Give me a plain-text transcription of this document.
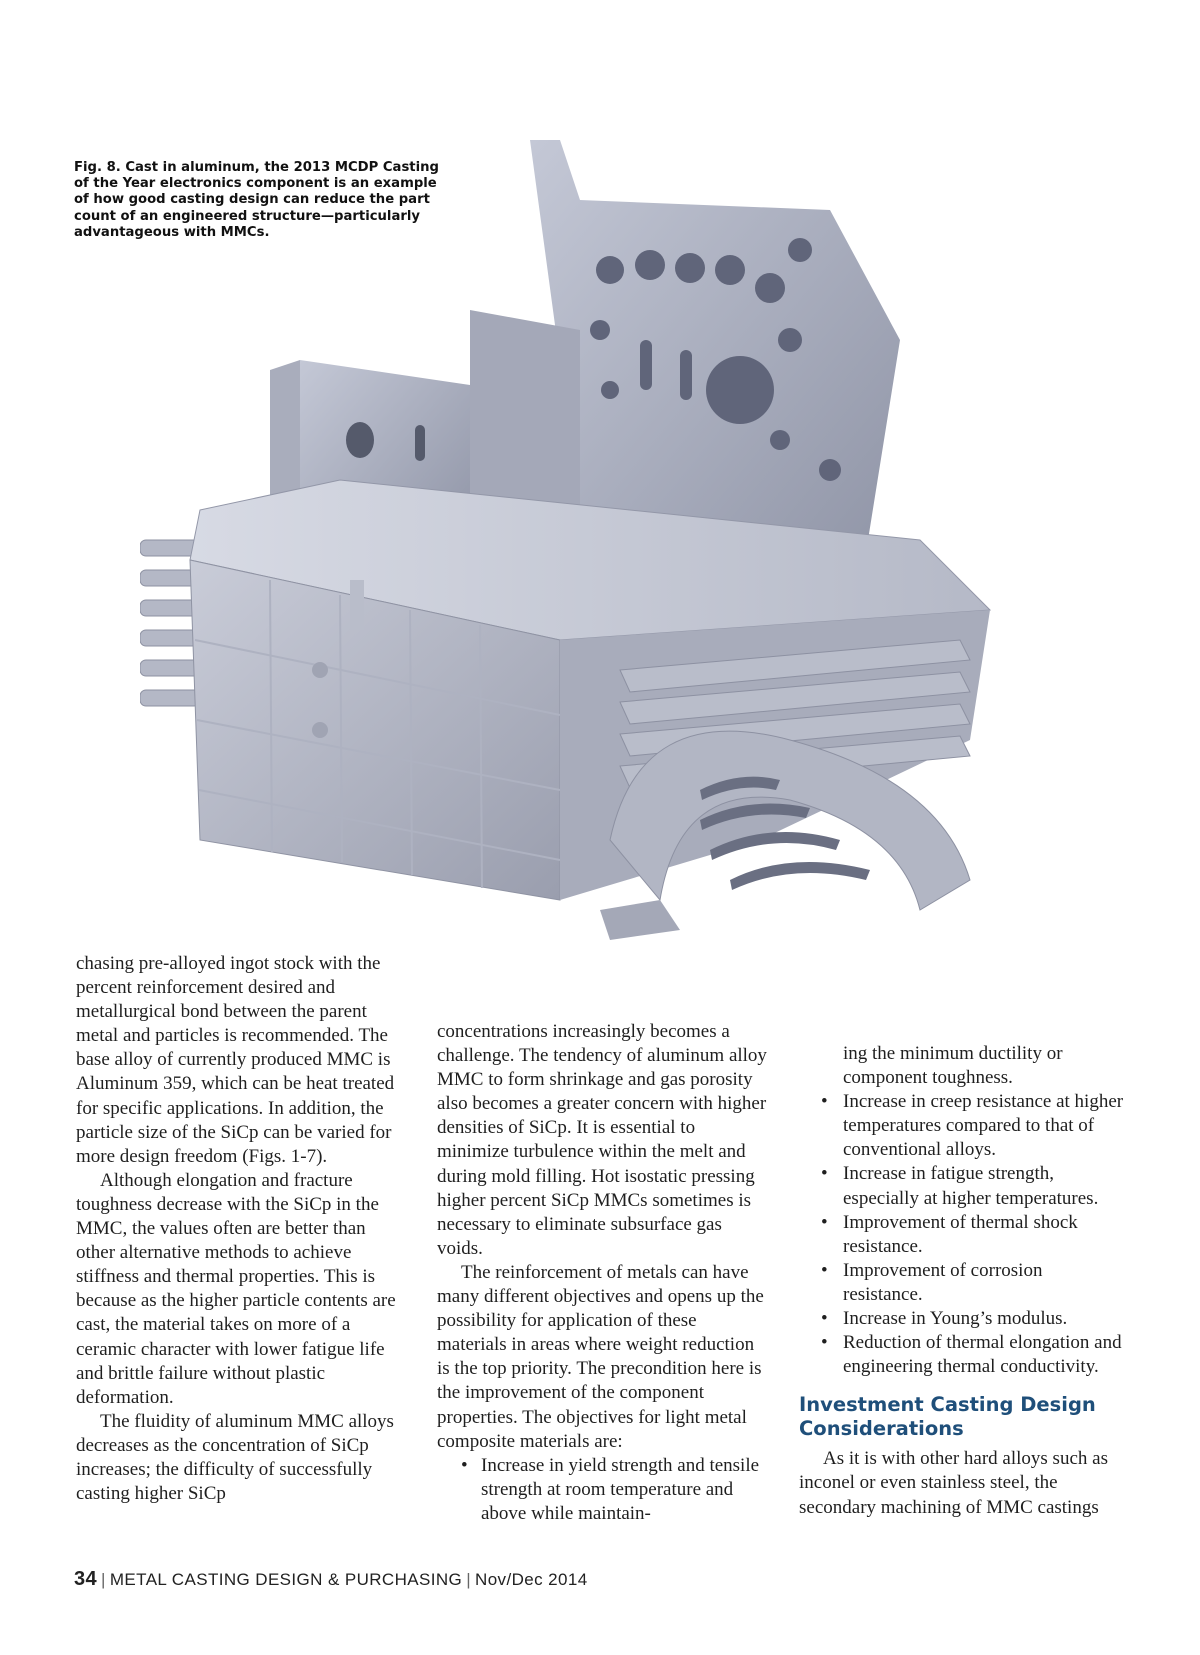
Fig. 8. Cast in aluminum, the 2013 MCDP Casting of the Year electronics component is an example of how good casting design can reduce the part count of an engineered structure—particularly advantageous with MMCs.

chasing pre-alloyed ingot stock with the percent reinforcement desired and metallurgical bond between the parent metal and particles is recommended. The base alloy of currently produced MMC is Aluminum 359, which can be heat treated for specific applications. In addition, the particle size of the SiCp can be varied for more design freedom (Figs. 1-7).

Although elongation and fracture toughness decrease with the SiCp in the MMC, the values often are better than other alternative methods to achieve stiffness and thermal properties. This is because as the higher particle contents are cast, the material takes on more of a ceramic character with lower fatigue life and brittle failure without plastic deformation.

The fluidity of aluminum MMC alloys decreases as the concentration of SiCp increases; the difficulty of successfully casting higher SiCp

concentrations increasingly becomes a challenge. The tendency of aluminum alloy MMC to form shrinkage and gas porosity also becomes a greater concern with higher densities of SiCp. It is essential to minimize turbulence within the melt and during mold filling. Hot isostatic pressing higher percent SiCp MMCs sometimes is necessary to eliminate subsurface gas voids.

The reinforcement of metals can have many different objectives and opens up the possibility for application of these materials in areas where weight reduction is the top priority. The precondition here is the improvement of the component properties. The objectives for light metal composite materials are:

• Increase in yield strength and tensile strength at room temperature and above while maintain-

ing the minimum ductility or component toughness.

• Increase in creep resistance at higher temperatures compared to that of conventional alloys.
• Increase in fatigue strength, especially at higher temperatures.
• Improvement of thermal shock resistance.
• Improvement of corrosion resistance.
• Increase in Young’s modulus.
• Reduction of thermal elongation and engineering thermal conductivity.
Investment Casting Design Considerations

As it is with other hard alloys such as inconel or even stainless steel, the secondary machining of MMC castings

34 | METAL CASTING DESIGN & PURCHASING | Nov/Dec 2014
